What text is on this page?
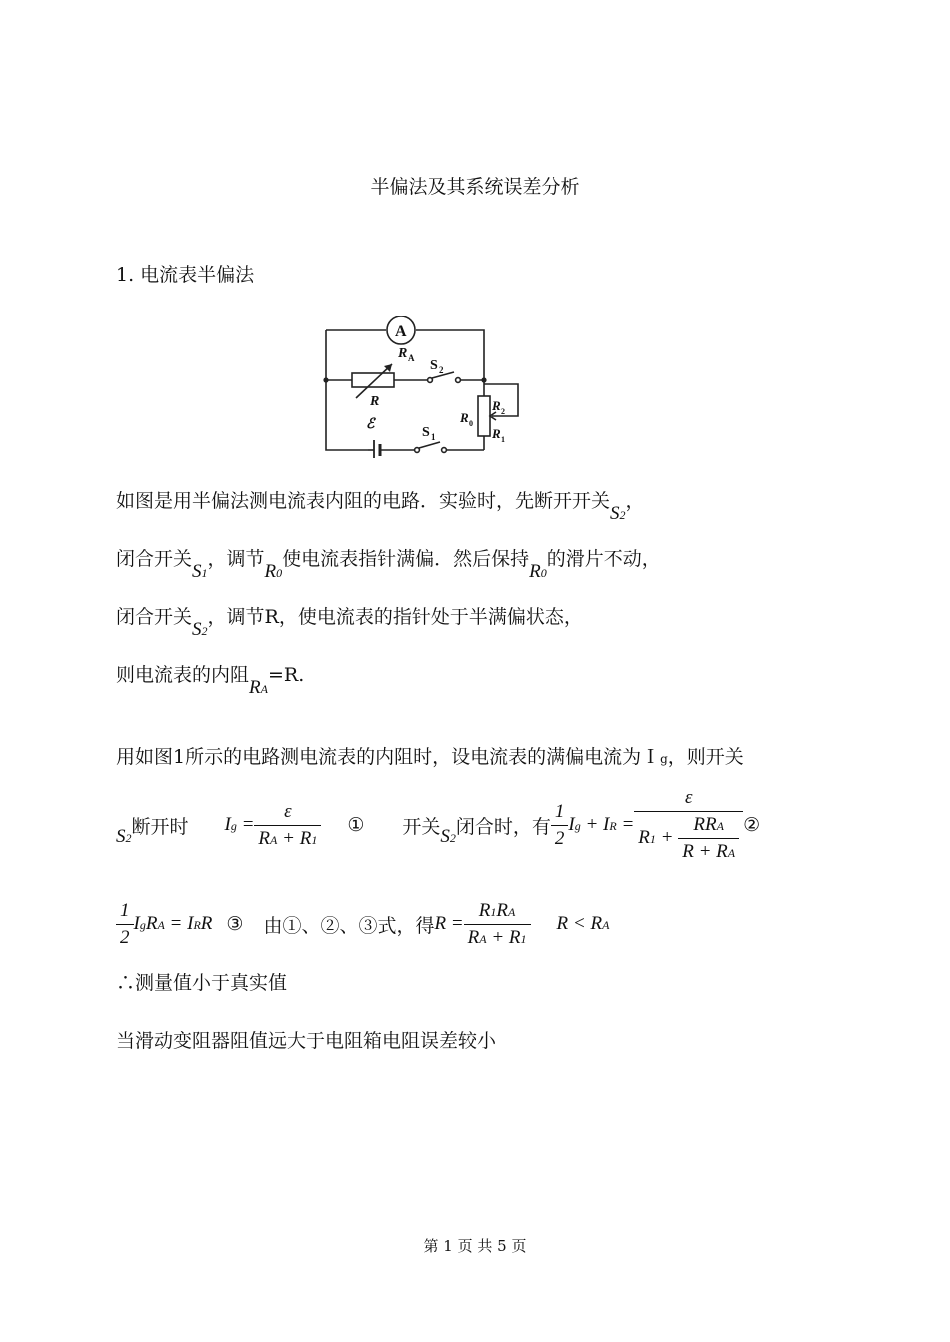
半偏法及其系统误差分析
1. 电流表半偏法
A
R A
R
S 2
R 0
R 2
R 1
ℰ
S 1
如图是用半偏法测电流表内阻的电路．实验时，先断开开关S2，
闭合开关S1，调节R0使电流表指针满偏．然后保持R0的滑片不动，
闭合开关S2，调节R，使电流表的指针处于半满偏状态，
则电流表的内阻RA=R.
用如图1所示的电路测电流表的内阻时，设电流表的满偏电流为Ｉg，则开关
S2
断开时 $Ig = \frac{\varepsilon}{RA + R1}$ ① 开关 S2
闭合时，有 $\frac{1}{2}$ Ig + IR = $\frac{\varepsilon}{R1 + \frac{\text{RRA}}{R + RA}}$ ②
$\frac{1}{2}$ IgRA = IRR ③ 由①、②、③式，得 $R = \frac{R1RA}{RA + R1}$ R < RA
∴测量值小于真实值
当滑动变阻器阻值远大于电阻箱电阻误差较小
第 1 页 共 5 页
